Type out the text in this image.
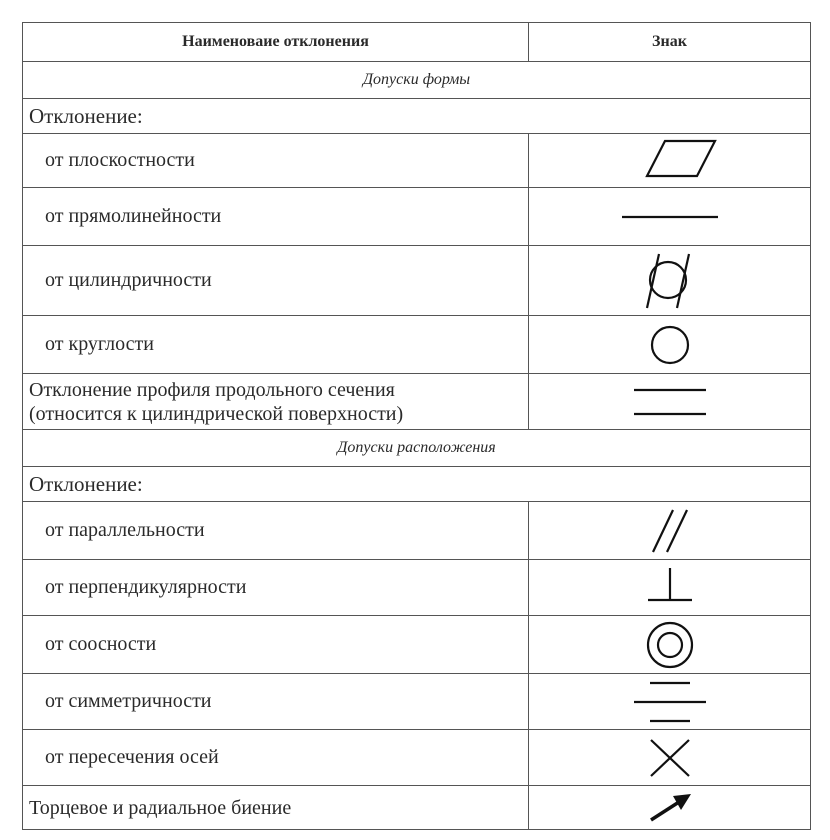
Наименоваие отклонения	Знак
Допуски формы	
Отклонение:	
от плоскостности	

от прямолинейности	

от цилиндричности	

от круглости	

Отклонение профиля продольного сечения
(относится к цилиндрической поверхности)	

Допуски расположения	
Отклонение:	
от параллельности	

от перпендикулярности	

от соосности	

от симметричности	

от пересечения осей	

Торцевое и радиальное биение	
